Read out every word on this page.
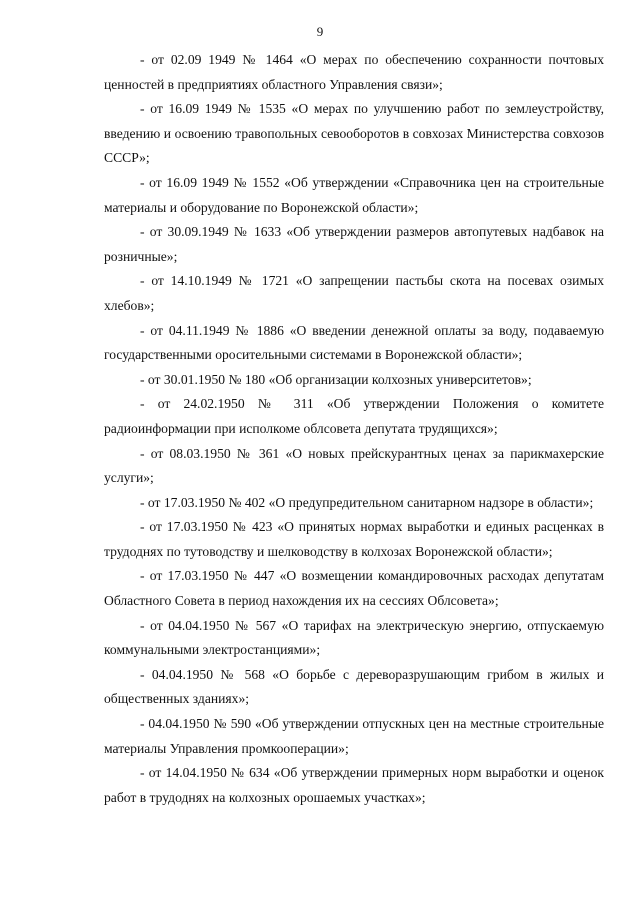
9

- от 02.09 1949 № 1464 «О мерах по обеспечению сохранности почтовых ценностей в предприятиях областного Управления связи»;

- от 16.09 1949 № 1535 «О мерах по улучшению работ по землеустройству, введению и освоению травопольных севооборотов в совхозах Министерства совхозов СССР»;

- от 16.09 1949 № 1552 «Об утверждении «Справочника цен на строительные материалы и оборудование по Воронежской области»;

- от 30.09.1949 № 1633 «Об утверждении размеров автопутевых надбавок на розничные»;

- от 14.10.1949 № 1721 «О запрещении пастьбы скота на посевах озимых хлебов»;

- от 04.11.1949 № 1886 «О введении денежной оплаты за воду, подаваемую государственными оросительными системами в Воронежской области»;

- от 30.01.1950 № 180 «Об организации колхозных университетов»;

- от 24.02.1950 № 311 «Об утверждении Положения о комитете радиоинформации при исполкоме облсовета депутата трудящихся»;

- от 08.03.1950 № 361 «О новых прейскурантных ценах за парикмахерские услуги»;

- от 17.03.1950 № 402 «О предупредительном санитарном надзоре в области»;

- от 17.03.1950 № 423 «О принятых нормах выработки и единых расценках в трудоднях по тутоводству и шелководству в колхозах Воронежской области»;

- от 17.03.1950 № 447 «О возмещении командировочных расходах депутатам Областного Совета в период нахождения их на сессиях Облсовета»;

- от 04.04.1950 № 567 «О тарифах на электрическую энергию, отпускаемую коммунальными электростанциями»;

- 04.04.1950 № 568 «О борьбе с дереворазрушающим грибом в жилых и общественных зданиях»;

- 04.04.1950 № 590 «Об утверждении отпускных цен на местные строительные материалы Управления промкооперации»;

- от 14.04.1950 № 634 «Об утверждении примерных норм выработки и оценок работ в трудоднях на колхозных орошаемых участках»;
